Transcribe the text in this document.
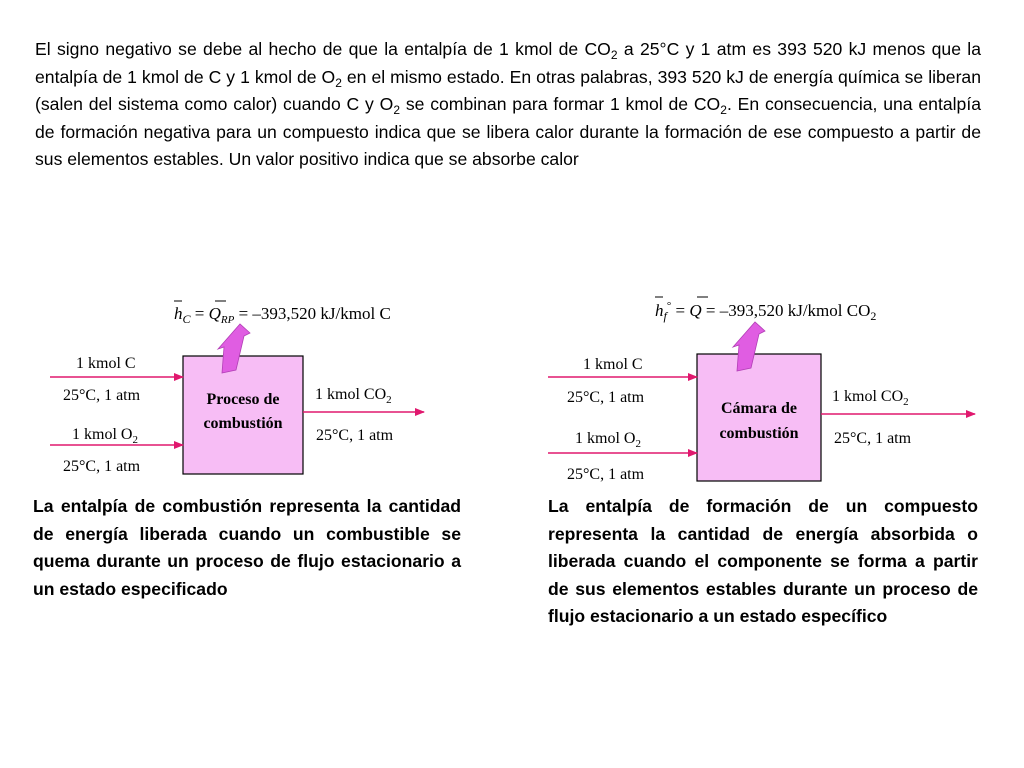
El signo negativo se debe al hecho de que la entalpía de 1 kmol de $CO_2$ a 25°C y 1 atm es 393 520 kJ menos que la entalpía de 1 kmol de C y 1 kmol de $O_2$ en el mismo estado. En otras palabras, 393 520 kJ de energía química se liberan (salen del sistema como calor) cuando C y $O_2$ se combinan para formar 1 kmol de $CO_2$. En consecuencia, una entalpía de formación negativa para un compuesto indica que se libera calor durante la formación de ese compuesto a partir de sus elementos estables. Un valor positivo indica que se absorbe calor

$h_C = Q_{RP} = -393,520$ kJ/kmol C
Proceso de
combustión
1 kmol C
25°C, 1 atm
1 kmol $O_2$
25°C, 1 atm
1 kmol $CO_2$
25°C, 1 atm
$h_f^\circ = Q = -393,520$ kJ/kmol $CO_2$
Cámara de
combustión
1 kmol C
25°C, 1 atm
1 kmol $O_2$
25°C, 1 atm
1 kmol $CO_2$
25°C, 1 atm

La entalpía de combustión representa la cantidad de energía liberada cuando un combustible se quema durante un proceso de flujo estacionario a un estado especificado

La entalpía de formación de un compuesto representa la cantidad de energía absorbida o liberada cuando el componente se forma a partir de sus elementos estables durante un proceso de flujo estacionario a un estado específico
